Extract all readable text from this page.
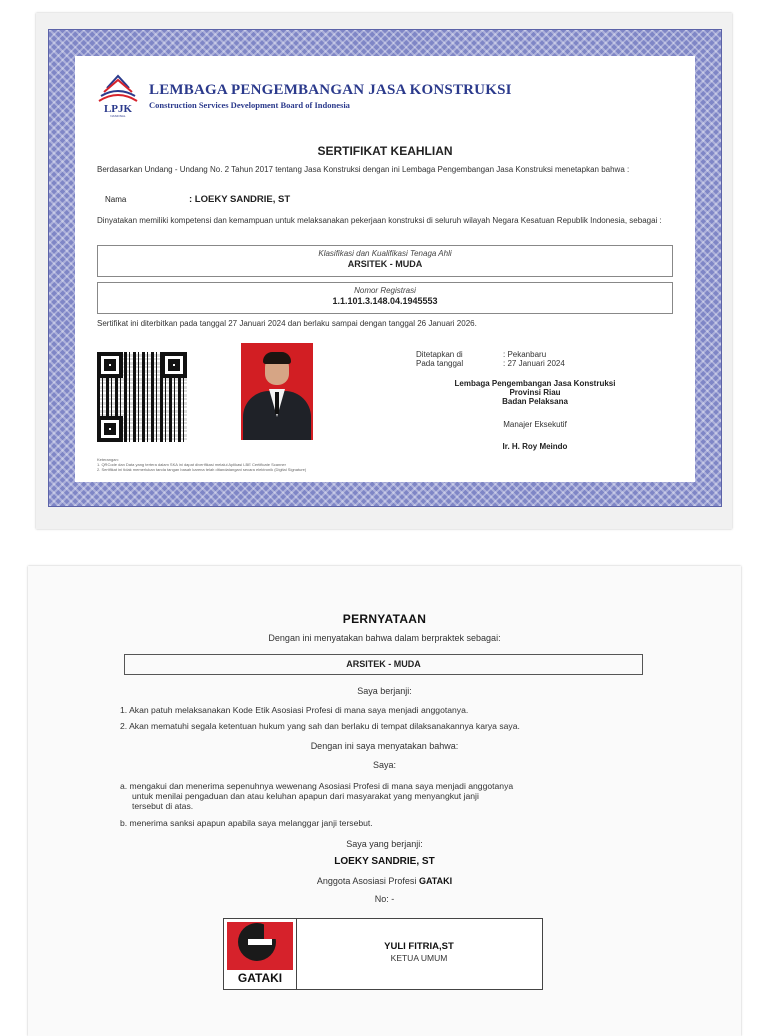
LPJK
NASIONAL
LEMBAGA PENGEMBANGAN JASA KONSTRUKSI
Construction Services Development Board of Indonesia
SERTIFIKAT KEAHLIAN
Berdasarkan Undang - Undang No. 2 Tahun 2017 tentang Jasa Konstruksi dengan ini Lembaga Pengembangan Jasa Konstruksi menetapkan bahwa :
Nama	: LOEKY SANDRIE, ST
Dinyatakan memiliki kompetensi dan kemampuan untuk melaksanakan pekerjaan konstruksi di seluruh wilayah Negara Kesatuan Republik Indonesia, sebagai :
Klasifikasi dan Kualifikasi Tenaga Ahli
ARSITEK - MUDA
Nomor Registrasi
1.1.101.3.148.04.1945553
Sertifikat ini diterbitkan pada tanggal 27 Januari 2024 dan berlaku sampai dengan tanggal 26 Januari 2026.
Ditetapkan di	: Pekanbaru
Pada tanggal	: 27 Januari 2024
Lembaga Pengembangan Jasa Konstruksi
Provinsi Riau
Badan Pelaksana
Manajer Eksekutif
Ir. H. Roy Meindo
Keterangan:
1. QRCode dan Data yang tertera dalam SKA ini dapat diverifikasi melalui Aplikasi LBE Certificate Scanner
2. Sertifikat ini tidak memerlukan tanda tangan basah karena telah ditandatangani secara elektronik (Digital Signature)
PERNYATAAN
Dengan ini menyatakan bahwa dalam berpraktek sebagai:
ARSITEK - MUDA
Saya berjanji:
1. Akan patuh melaksanakan Kode Etik Asosiasi Profesi di mana saya menjadi anggotanya.
2. Akan mematuhi segala ketentuan hukum yang sah dan berlaku di tempat dilaksanakannya karya saya.
Dengan ini saya menyatakan bahwa:
Saya:
a. mengakui dan menerima sepenuhnya wewenang Asosiasi Profesi di mana saya menjadi anggotanya
untuk menilai pengaduan dan atau keluhan apapun dari masyarakat yang menyangkut janji
tersebut di atas.
b. menerima sanksi apapun apabila saya melanggar janji tersebut.
Saya yang berjanji:
LOEKY SANDRIE, ST
Anggota Asosiasi Profesi GATAKI
No: -
GATAKI
YULI FITRIA,ST
KETUA UMUM
